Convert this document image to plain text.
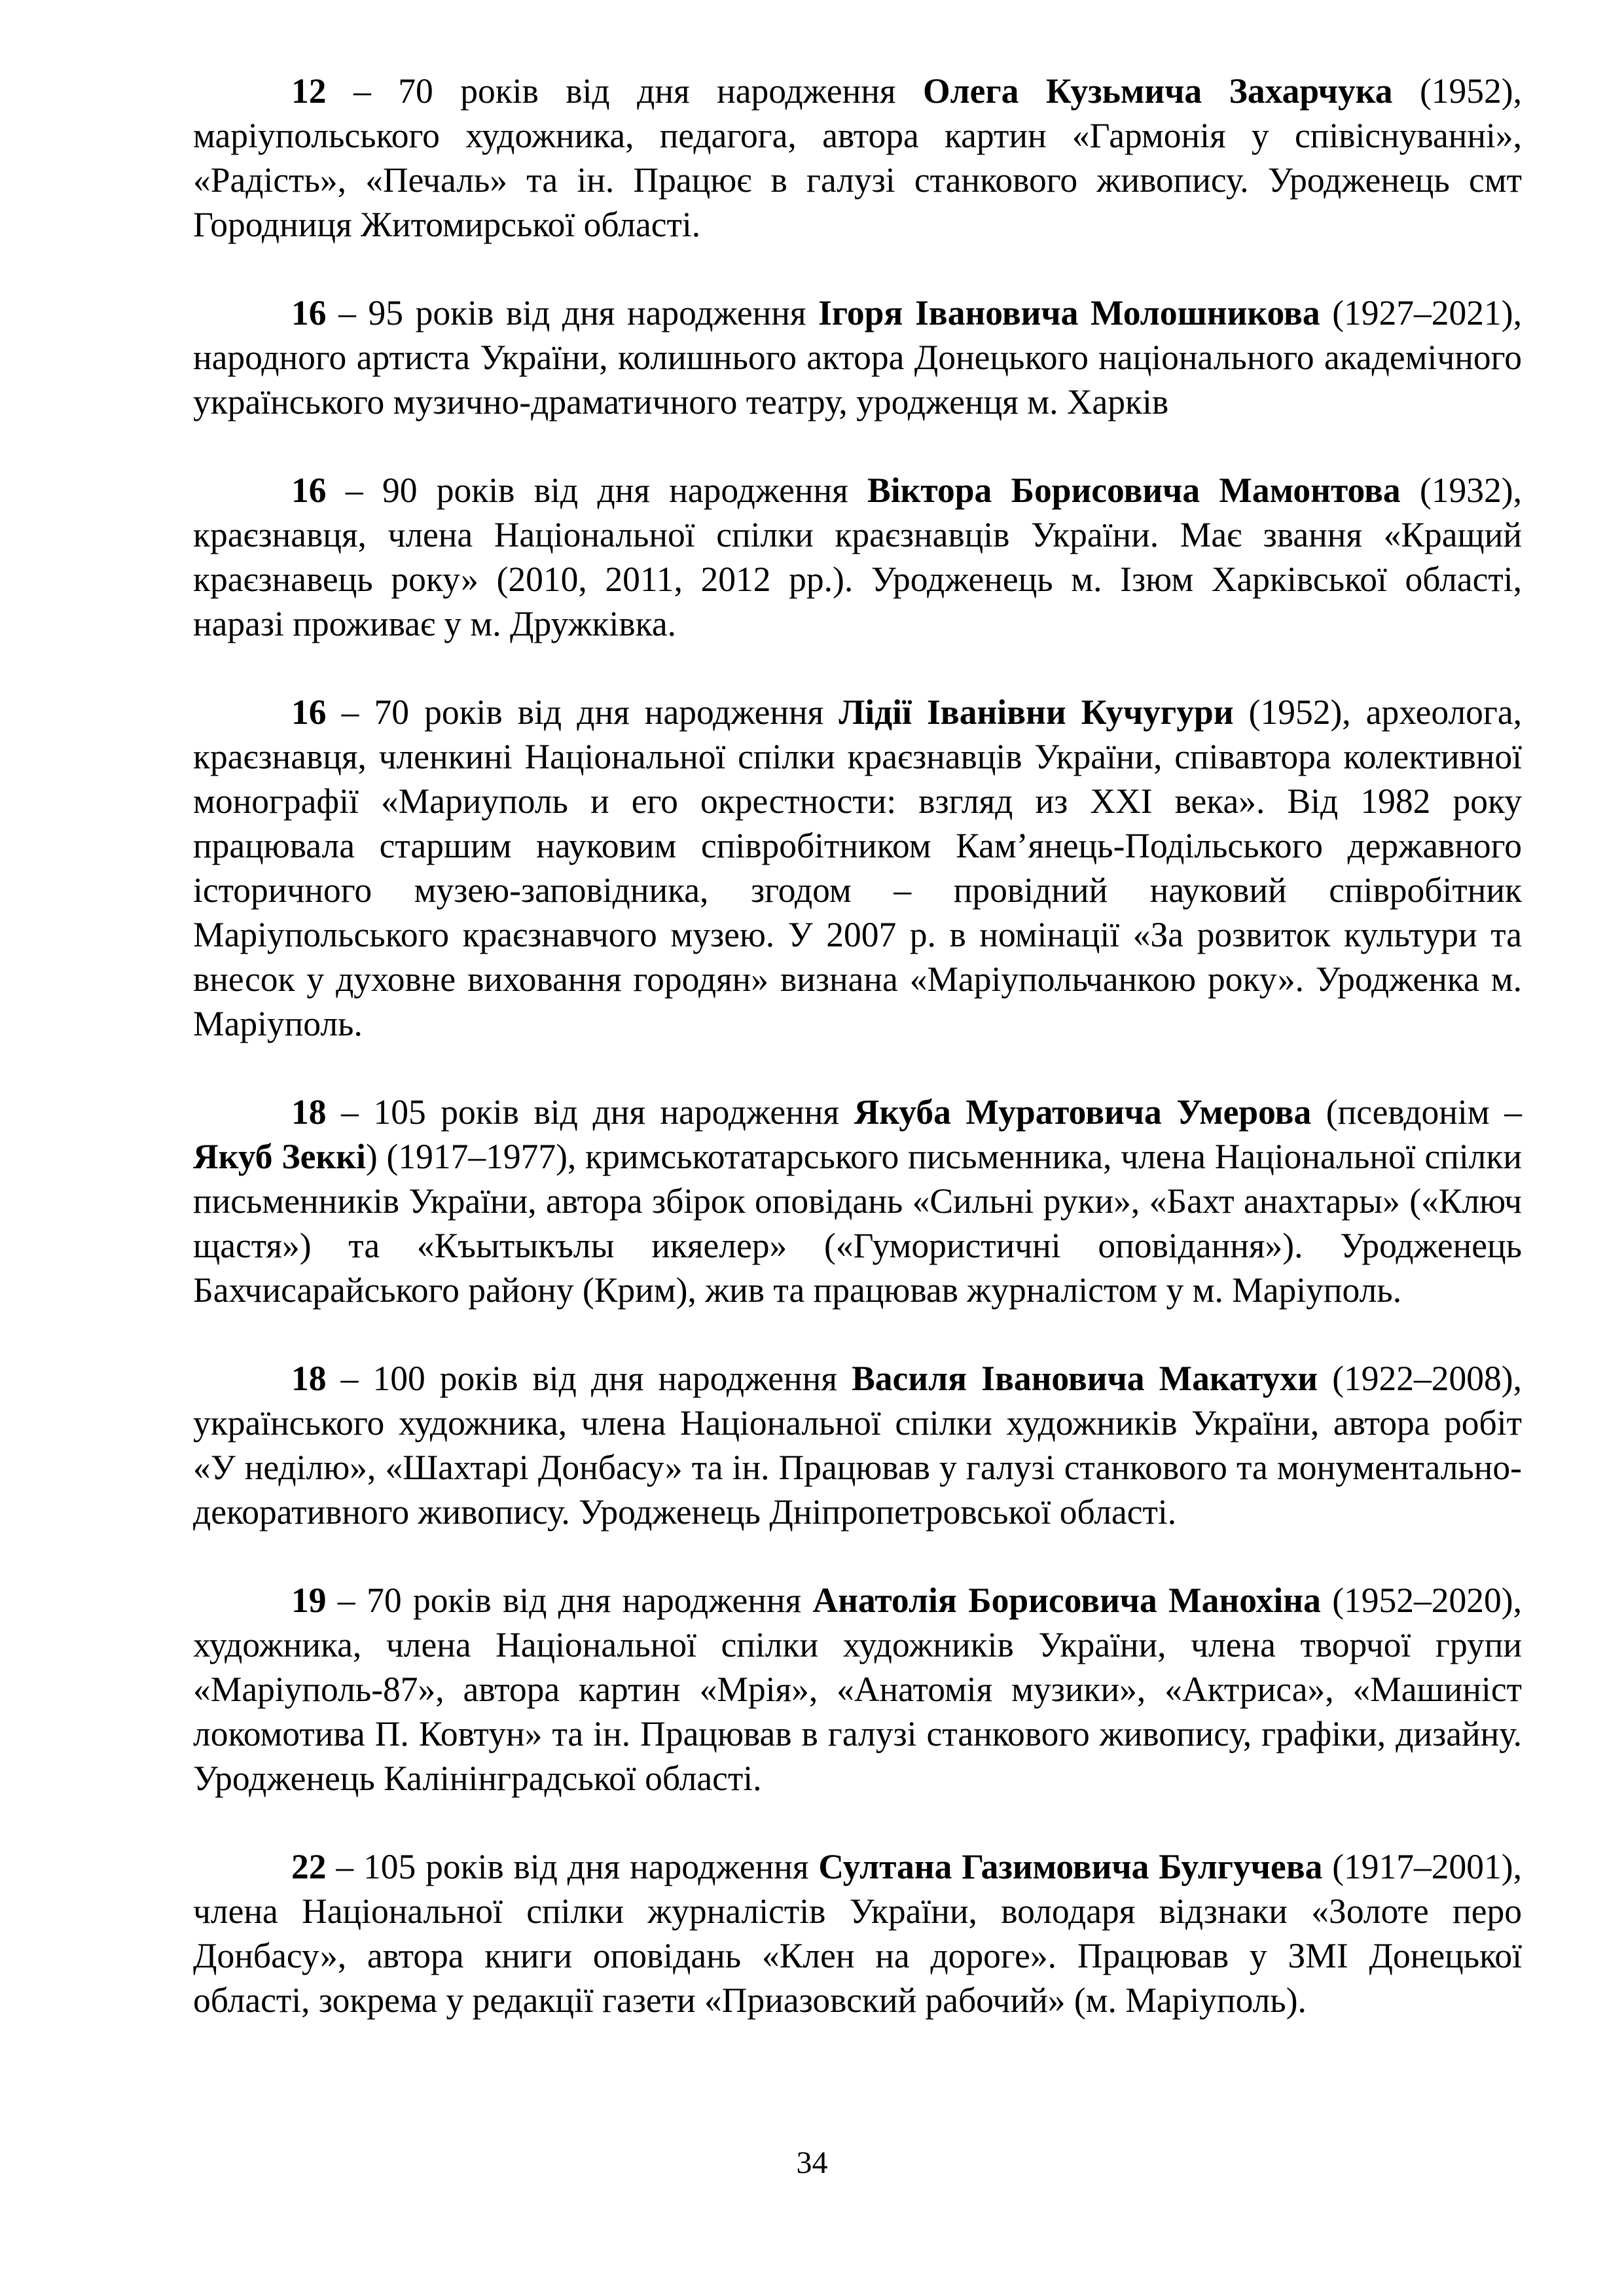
12 – 70 років від дня народження Олега Кузьмича Захарчука (1952), маріупольського художника, педагога, автора картин «Гармонія у співіснуванні», «Радість», «Печаль» та ін. Працює в галузі станкового живопису. Уродженець смт Городниця Житомирської області.

16 – 95 років від дня народження Ігоря Івановича Молошникова (1927–2021), народного артиста України, колишнього актора Донецького національного академічного українського музично-драматичного театру, уродженця м. Харків

16 – 90 років від дня народження Віктора Борисовича Мамонтова (1932), краєзнавця, члена Національної спілки краєзнавців України. Має звання «Кращий краєзнавець року» (2010, 2011, 2012 рр.). Уродженець м. Ізюм Харківської області, наразі проживає у м. Дружківка.

16 – 70 років від дня народження Лідії Іванівни Кучугури (1952), археолога, краєзнавця, членкині Національної спілки краєзнавців України, співавтора колективної монографії «Мариуполь и его окрестности: взгляд из XXI века». Від 1982 року працювала старшим науковим співробітником Кам’янець-Подільського державного історичного музею-заповідника, згодом – провідний науковий співробітник Маріупольського краєзнавчого музею. У 2007 р. в номінації «За розвиток культури та внесок у духовне виховання городян» визнана «Маріупольчанкою року». Уродженка м. Маріуполь.

18 – 105 років від дня народження Якуба Муратовича Умерова (псевдонім – Якуб Зеккі) (1917–1977), кримськотатарського письменника, члена Національної спілки письменників України, автора збірок оповідань «Сильні руки», «Бахт анахтары» («Ключ щастя») та «Къытыкълы икяелер» («Гумористичні оповідання»). Уродженець Бахчисарайського району (Крим), жив та працював журналістом у м. Маріуполь.

18 – 100 років від дня народження Василя Івановича Макатухи (1922–2008), українського художника, члена Національної спілки художників України, автора робіт «У неділю», «Шахтарі Донбасу» та ін. Працював у галузі станкового та монументально-декоративного живопису. Уродженець Дніпропетровської області.

19 – 70 років від дня народження Анатолія Борисовича Манохіна (1952–2020), художника, члена Національної спілки художників України, члена творчої групи «Маріуполь-87», автора картин «Мрія», «Анатомія музики», «Актриса», «Машиніст локомотива П. Ковтун» та ін. Працював в галузі станкового живопису, графіки, дизайну. Уродженець Калінінградської області.

22 – 105 років від дня народження Султана Газимовича Булгучева (1917–2001), члена Національної спілки журналістів України, володаря відзнаки «Золоте перо Донбасу», автора книги оповідань «Клен на дороге». Працював у ЗМІ Донецької області, зокрема у редакції газети «Приазовский рабочий» (м. Маріуполь).

34
